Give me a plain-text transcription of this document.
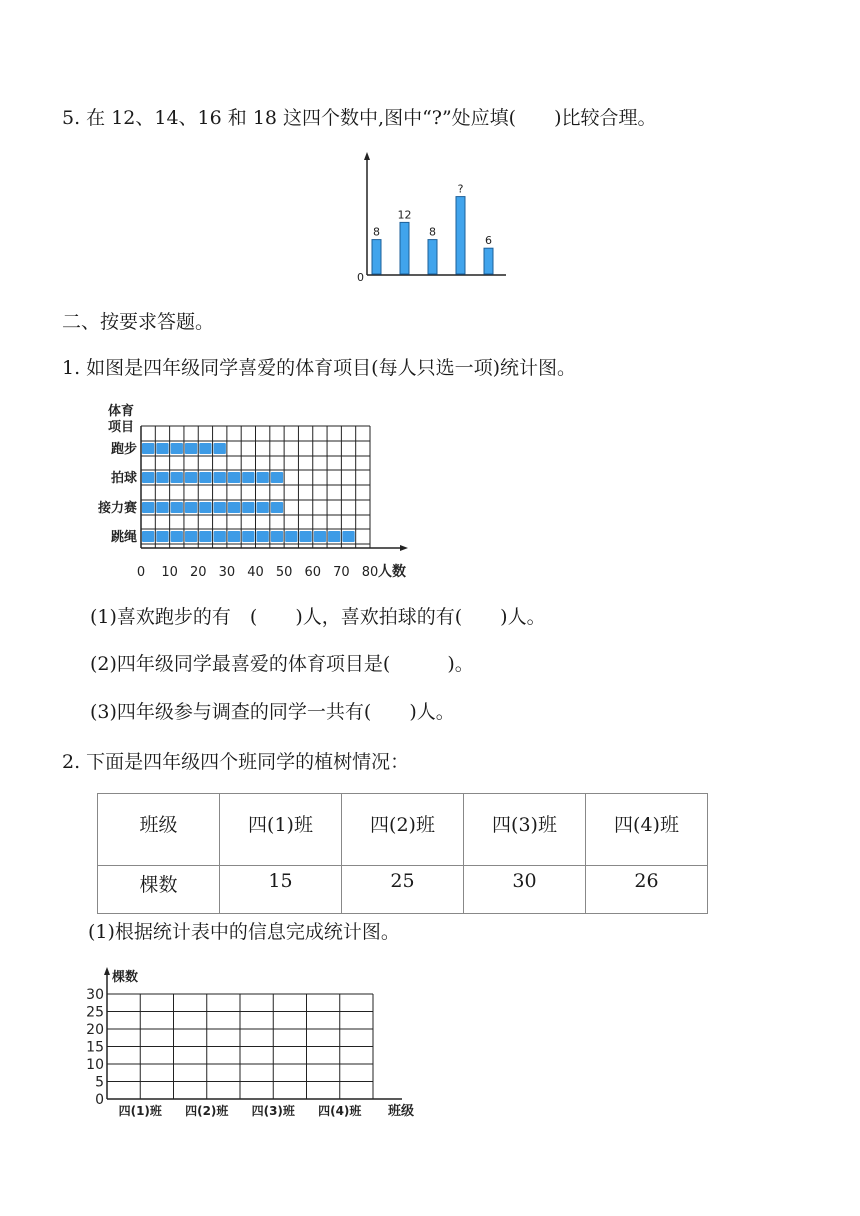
5. 在 12、14、16 和 18 这四个数中,图中“?”处应填(　　)比较合理。
0
8
12
8
?
6
二、按要求答题。
1. 如图是四年级同学喜爱的体育项目(每人只选一项)统计图。
体育
项目
跑步
拍球
接力赛
跳绳
0 10 20 30 40 50 60 70 80 人数
(1)喜欢跑步的有　(　　)人，喜欢拍球的有(　　)人。
(2)四年级同学最喜爱的体育项目是(　　　)。
(3)四年级参与调查的同学一共有(　　)人。
2. 下面是四年级四个班同学的植树情况：
班级	四(1)班	四(2)班	四(3)班	四(4)班
棵数	15	25	30	26
(1)根据统计表中的信息完成统计图。
棵数
0
5
10
15
20
25
30
四(1)班 四(2)班 四(3)班 四(4)班 班级
